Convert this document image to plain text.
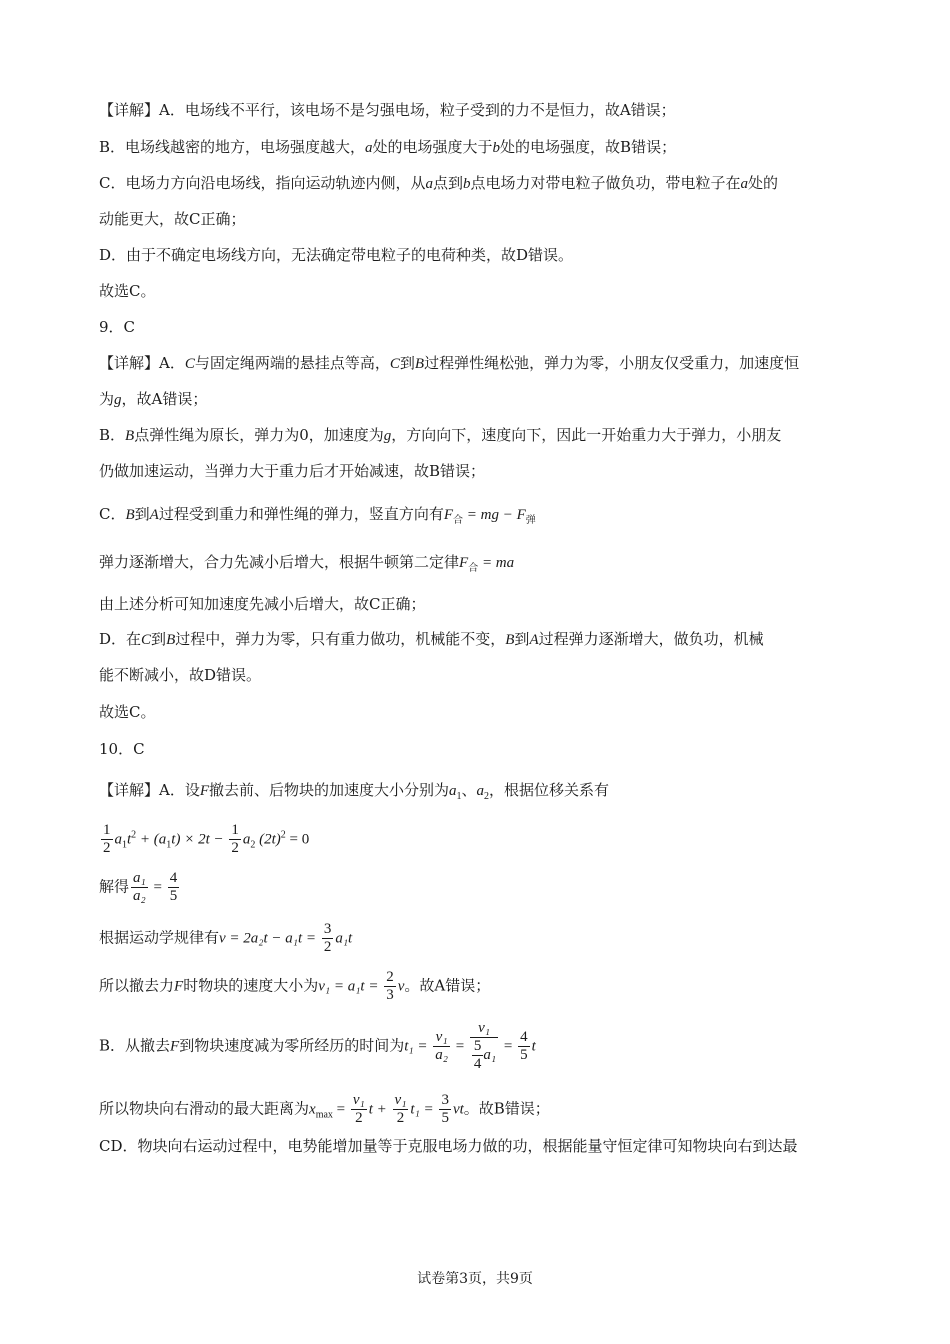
【详解】A．电场线不平行，该电场不是匀强电场，粒子受到的力不是恒力，故A错误；
B．电场线越密的地方，电场强度越大，a处的电场强度大于b处的电场强度，故B错误；
C．电场力方向沿电场线，指向运动轨迹内侧，从a点到b点电场力对带电粒子做负功，带电粒子在a处的
动能更大，故C正确；
D．由于不确定电场线方向，无法确定带电粒子的电荷种类，故D错误。
故选C。
9．C
【详解】A．C与固定绳两端的悬挂点等高，C到B过程弹性绳松弛，弹力为零，小朋友仅受重力，加速度恒
为g，故A错误；
B．B点弹性绳为原长，弹力为0，加速度为g，方向向下，速度向下，因此一开始重力大于弹力，小朋友
仍做加速运动，当弹力大于重力后才开始减速，故B错误；
C．B到A过程受到重力和弹性绳的弹力，竖直方向有$F_合$ = mg − $F_弹$
弹力逐渐增大，合力先减小后增大，根据牛顿第二定律$F_合$ = ma
由上述分析可知加速度先减小后增大，故C正确；
D．在C到B过程中，弹力为零，只有重力做功，机械能不变，B到A过程弹力逐渐增大，做负功，机械
能不断减小，故D错误。
故选C。
10．C
【详解】A．设F撤去前、后物块的加速度大小分别为$a_1$、$a_2$，根据位移关系有
$\frac{1}{2} a_1t^2 + (a_1t) \times 2t - \frac{1}{2} a_2$ $(2t)^2 = 0$
解得 $\frac{\text{a₁}}{\text{a₂}} = \frac{4}{5}$
根据运动学规律有$v = 2a_2t - a_1t = \frac{3}{2} a_1t$
所以撤去力F时物块的速度大小为$v_1 = a_1t = \frac{2}{3}$ v。故A错误；
B．从撤去F到物块速度减为零所经历的时间为$t_1 = \frac{\text{v₁}}{\text{a₂}} = \frac{\text{v₁}}{\frac{5}{4} a_1} = \frac{4}{5}$ t
所以物块向右滑动的最大距离为$x_{max} = \frac{\text{v₁}}{2}$ $t + \frac{\text{v₁}}{2} t_1 = \frac{3}{5}$ vt。故B错误；
CD．物块向右运动过程中，电势能增加量等于克服电场力做的功，根据能量守恒定律可知物块向右到达最
试卷第3页，共9页
